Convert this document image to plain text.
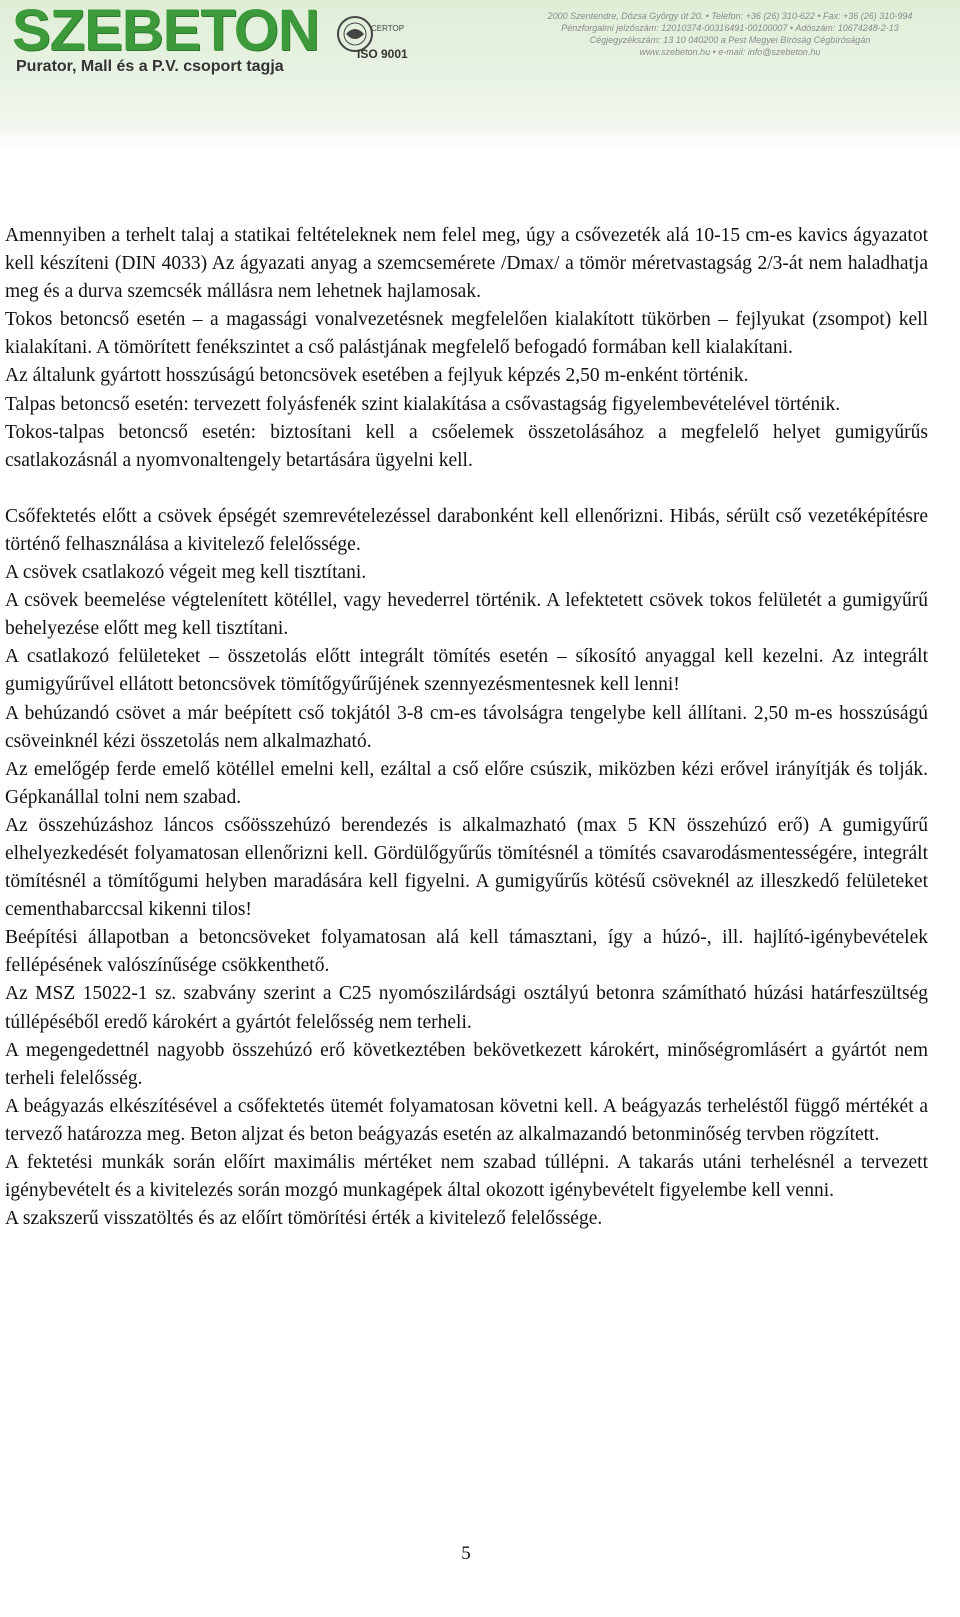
SZEBETON
Purator, Mall és a P.V. csoport tagja
CERTOP
ISO 9001
2000 Szentendre, Dózsa György út 20. • Telefon: +36 (26) 310-622 • Fax: +36 (26) 310-994
Pénzforgalmi jelzőszám: 12010374-00316491-00100007 • Adószám: 10674248-2-13
Cégjegyzékszám: 13 10 040200 a Pest Megyei Bíróság Cégbíróságán
www.szebeton.hu • e-mail: info@szebeton.hu

Amennyiben a terhelt talaj a statikai feltételeknek nem felel meg, úgy a csővezeték alá 10-15 cm-es kavics ágyazatot kell készíteni (DIN 4033) Az ágyazati anyag a szemcsemérete /Dmax/ a tömör méretvastagság 2/3-át nem haladhatja meg és a durva szemcsék mállásra nem lehetnek hajlamosak.

Tokos betoncső esetén – a magassági vonalvezetésnek megfelelően kialakított tükörben – fejlyukat (zsompot) kell kialakítani. A tömörített fenékszintet a cső palástjának megfelelő befogadó formában kell kialakítani.

Az általunk gyártott hosszúságú betoncsövek esetében a fejlyuk képzés 2,50 m-enként történik.

Talpas betoncső esetén: tervezett folyásfenék szint kialakítása a csővastagság figyelembevételével történik.

Tokos-talpas betoncső esetén: biztosítani kell a csőelemek összetolásához a megfelelő helyet gumigyűrűs csatlakozásnál a nyomvonaltengely betartására ügyelni kell.

Csőfektetés előtt a csövek épségét szemrevételezéssel darabonként kell ellenőrizni. Hibás, sérült cső vezetéképítésre történő felhasználása a kivitelező felelőssége.

A csövek csatlakozó végeit meg kell tisztítani.

A csövek beemelése végtelenített kötéllel, vagy hevederrel történik. A lefektetett csövek tokos felületét a gumigyűrű behelyezése előtt meg kell tisztítani.

A csatlakozó felületeket – összetolás előtt integrált tömítés esetén – síkosító anyaggal kell kezelni. Az integrált gumigyűrűvel ellátott betoncsövek tömítőgyűrűjének szennyezésmentesnek kell lenni!

A behúzandó csövet a már beépített cső tokjától 3-8 cm-es távolságra tengelybe kell állítani. 2,50 m-es hosszúságú csöveinknél kézi összetolás nem alkalmazható.

Az emelőgép ferde emelő kötéllel emelni kell, ezáltal a cső előre csúszik, miközben kézi erővel irányítják és tolják. Gépkanállal tolni nem szabad.

Az összehúzáshoz láncos csőösszehúzó berendezés is alkalmazható (max 5 KN összehúzó erő) A gumigyűrű elhelyezkedését folyamatosan ellenőrizni kell. Gördülőgyűrűs tömítésnél a tömítés csavarodásmentességére, integrált tömítésnél a tömítőgumi helyben maradására kell figyelni. A gumigyűrűs kötésű csöveknél az illeszkedő felületeket cementhabarccsal kikenni tilos!

Beépítési állapotban a betoncsöveket folyamatosan alá kell támasztani, így a húzó-, ill. hajlító-igénybevételek fellépésének valószínűsége csökkenthető.

Az MSZ 15022-1 sz. szabvány szerint a C25 nyomószilárdsági osztályú betonra számítható húzási határfeszültség túllépéséből eredő károkért a gyártót felelősség nem terheli.

A megengedettnél nagyobb összehúzó erő következtében bekövetkezett károkért, minőségromlásért a gyártót nem terheli felelősség.

A beágyazás elkészítésével a csőfektetés ütemét folyamatosan követni kell. A beágyazás terheléstől függő mértékét a tervező határozza meg. Beton aljzat és beton beágyazás esetén az alkalmazandó betonminőség tervben rögzített.

A fektetési munkák során előírt maximális mértéket nem szabad túllépni. A takarás utáni terhelésnél a tervezett igénybevételt és a kivitelezés során mozgó munkagépek által okozott igénybevételt figyelembe kell venni.

A szakszerű visszatöltés és az előírt tömörítési érték a kivitelező felelőssége.

5
